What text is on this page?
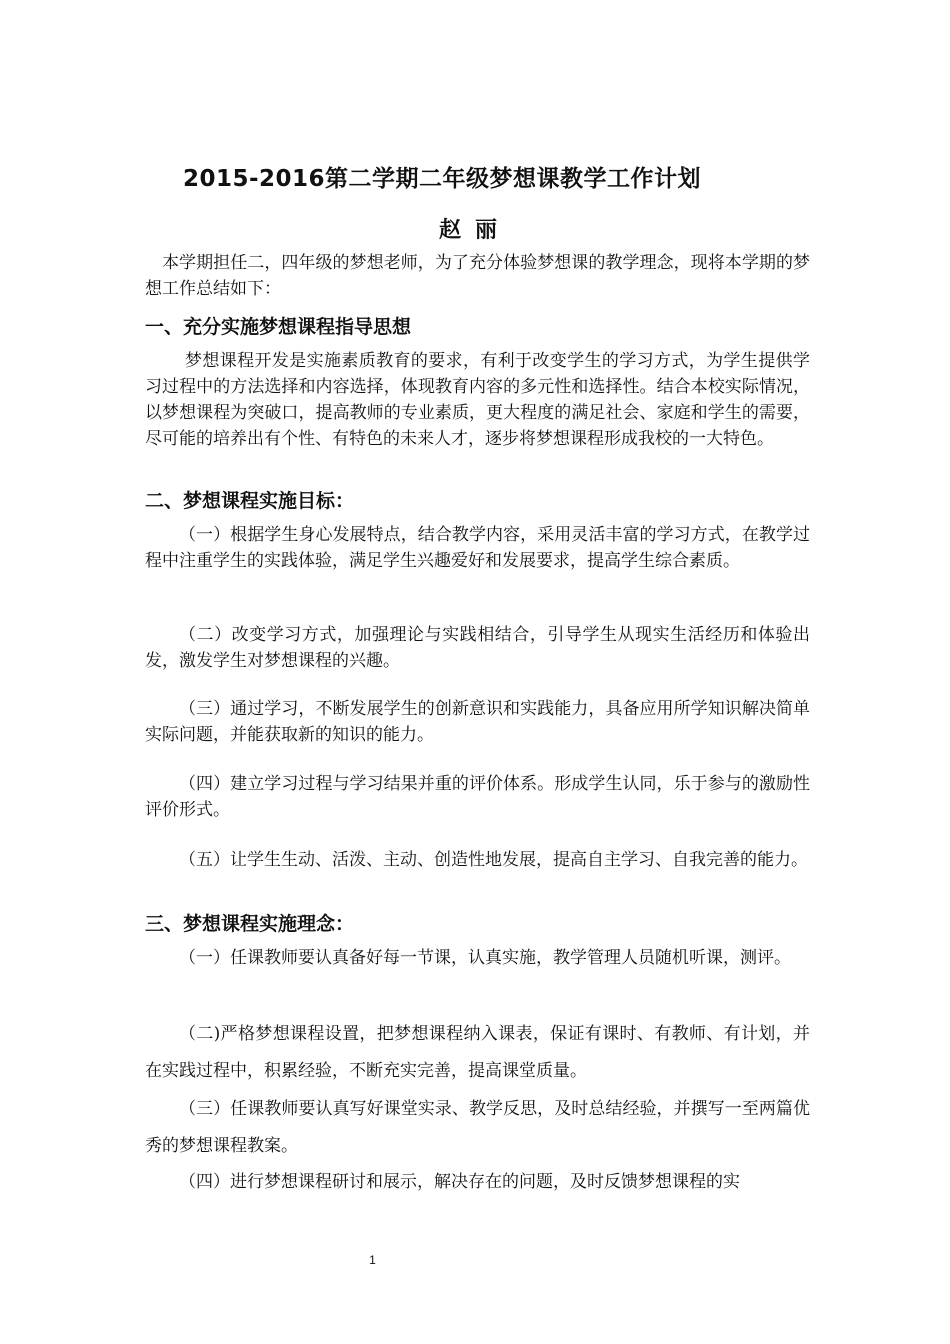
2015-2016第二学期二年级梦想课教学工作计划
赵丽
本学期担任二，四年级的梦想老师，为了充分体验梦想课的教学理念，现将本学期的梦想工作总结如下：
一、充分实施梦想课程指导思想
梦想课程开发是实施素质教育的要求，有利于改变学生的学习方式，为学生提供学习过程中的方法选择和内容选择，体现教育内容的多元性和选择性。结合本校实际情况，以梦想课程为突破口，提高教师的专业素质，更大程度的满足社会、家庭和学生的需要，尽可能的培养出有个性、有特色的未来人才，逐步将梦想课程形成我校的一大特色。
二、梦想课程实施目标：
（一）根据学生身心发展特点，结合教学内容，采用灵活丰富的学习方式，在教学过程中注重学生的实践体验，满足学生兴趣爱好和发展要求，提高学生综合素质。
（二）改变学习方式，加强理论与实践相结合，引导学生从现实生活经历和体验出发，激发学生对梦想课程的兴趣。
（三）通过学习，不断发展学生的创新意识和实践能力，具备应用所学知识解决简单实际问题，并能获取新的知识的能力。
（四）建立学习过程与学习结果并重的评价体系。形成学生认同，乐于参与的激励性评价形式。
（五）让学生生动、活泼、主动、创造性地发展，提高自主学习、自我完善的能力。
三、梦想课程实施理念：
（一）任课教师要认真备好每一节课，认真实施，教学管理人员随机听课，测评。
（二)严格梦想课程设置，把梦想课程纳入课表，保证有课时、有教师、有计划，并在实践过程中，积累经验，不断充实完善，提高课堂质量。
（三）任课教师要认真写好课堂实录、教学反思，及时总结经验，并撰写一至两篇优秀的梦想课程教案。
（四）进行梦想课程研讨和展示，解决存在的问题，及时反馈梦想课程的实
1
